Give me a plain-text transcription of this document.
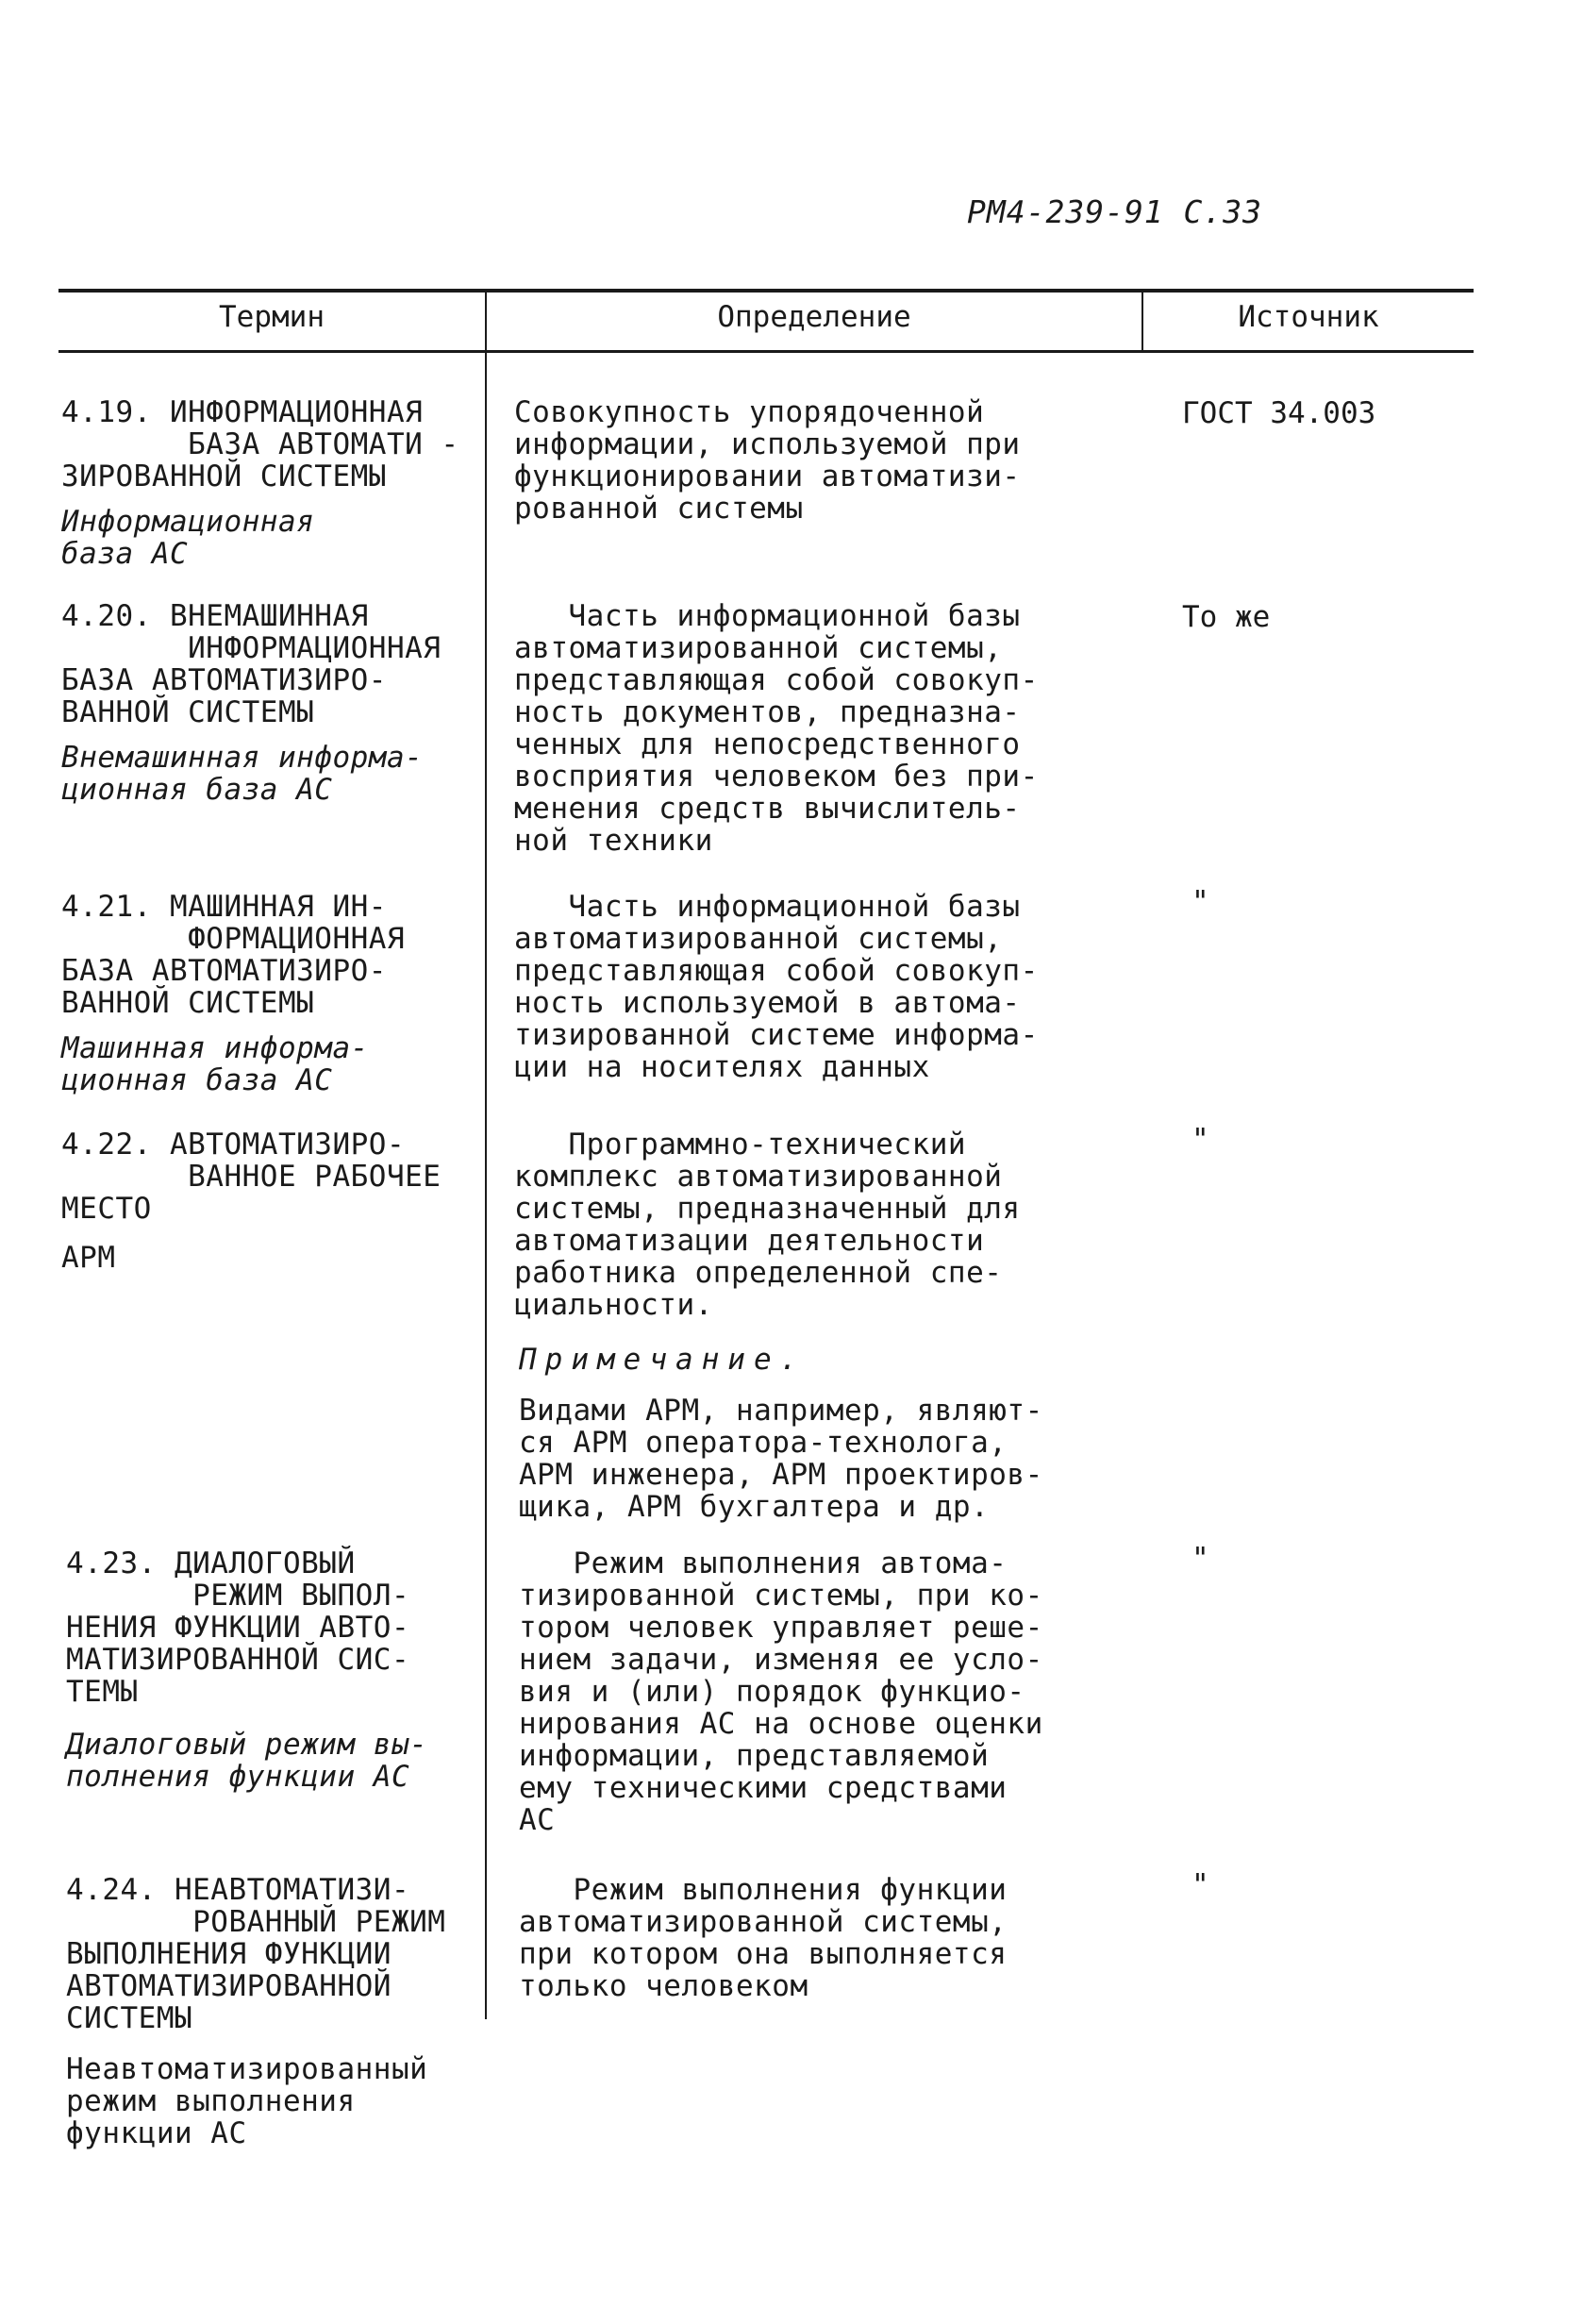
РМ4-239-91 С.33
Термин	Определение	Источник
4.19. ИНФОРМАЦИОННАЯ
БАЗА АВТОМАТИ -
ЗИРОВАННОЙ СИСТЕМЫ
Информационная
база АС
Совокупность упорядоченной
информации, используемой при
функционировании автоматизи-
рованной системы
ГОСТ 34.003
4.20. ВНЕМАШИННАЯ
ИНФОРМАЦИОННАЯ
БАЗА АВТОМАТИЗИРО-
ВАННОЙ СИСТЕМЫ
Внемашинная информа-
ционная база АС
Часть информационной базы
автоматизированной системы,
представляющая собой совокуп-
ность документов, предназна-
ченных для непосредственного
восприятия человеком без при-
менения средств вычислитель-
ной техники
То же
4.21. МАШИННАЯ ИН-
ФОРМАЦИОННАЯ
БАЗА АВТОМАТИЗИРО-
ВАННОЙ СИСТЕМЫ
Машинная информа-
ционная база АС
Часть информационной базы
автоматизированной системы,
представляющая собой совокуп-
ность используемой в автома-
тизированной системе информа-
ции на носителях данных
"
4.22. АВТОМАТИЗИРО-
ВАННОЕ РАБОЧЕЕ
МЕСТО
АРМ
Программно-технический
комплекс автоматизированной
системы, предназначенный для
автоматизации деятельности
работника определенной спе-
циальности.
Примечание.
Видами АРМ, например, являют-
ся АРМ оператора-технолога,
АРМ инженера, АРМ проектиров-
щика, АРМ бухгалтера и др.
"
4.23. ДИАЛОГОВЫЙ
РЕЖИМ ВЫПОЛ-
НЕНИЯ ФУНКЦИИ АВТО-
МАТИЗИРОВАННОЙ СИС-
ТЕМЫ
Диалоговый режим вы-
полнения функции АС
Режим выполнения автома-
тизированной системы, при ко-
тором человек управляет реше-
нием задачи, изменяя ее усло-
вия и (или) порядок функцио-
нирования АС на основе оценки
информации, представляемой
ему техническими средствами
АС
"
4.24. НЕАВТОМАТИЗИ-
РОВАННЫЙ РЕЖИМ
ВЫПОЛНЕНИЯ ФУНКЦИИ
АВТОМАТИЗИРОВАННОЙ
СИСТЕМЫ
Неавтоматизированный
режим выполнения
функции АС
Режим выполнения функции
автоматизированной системы,
при котором она выполняется
только человеком
"
